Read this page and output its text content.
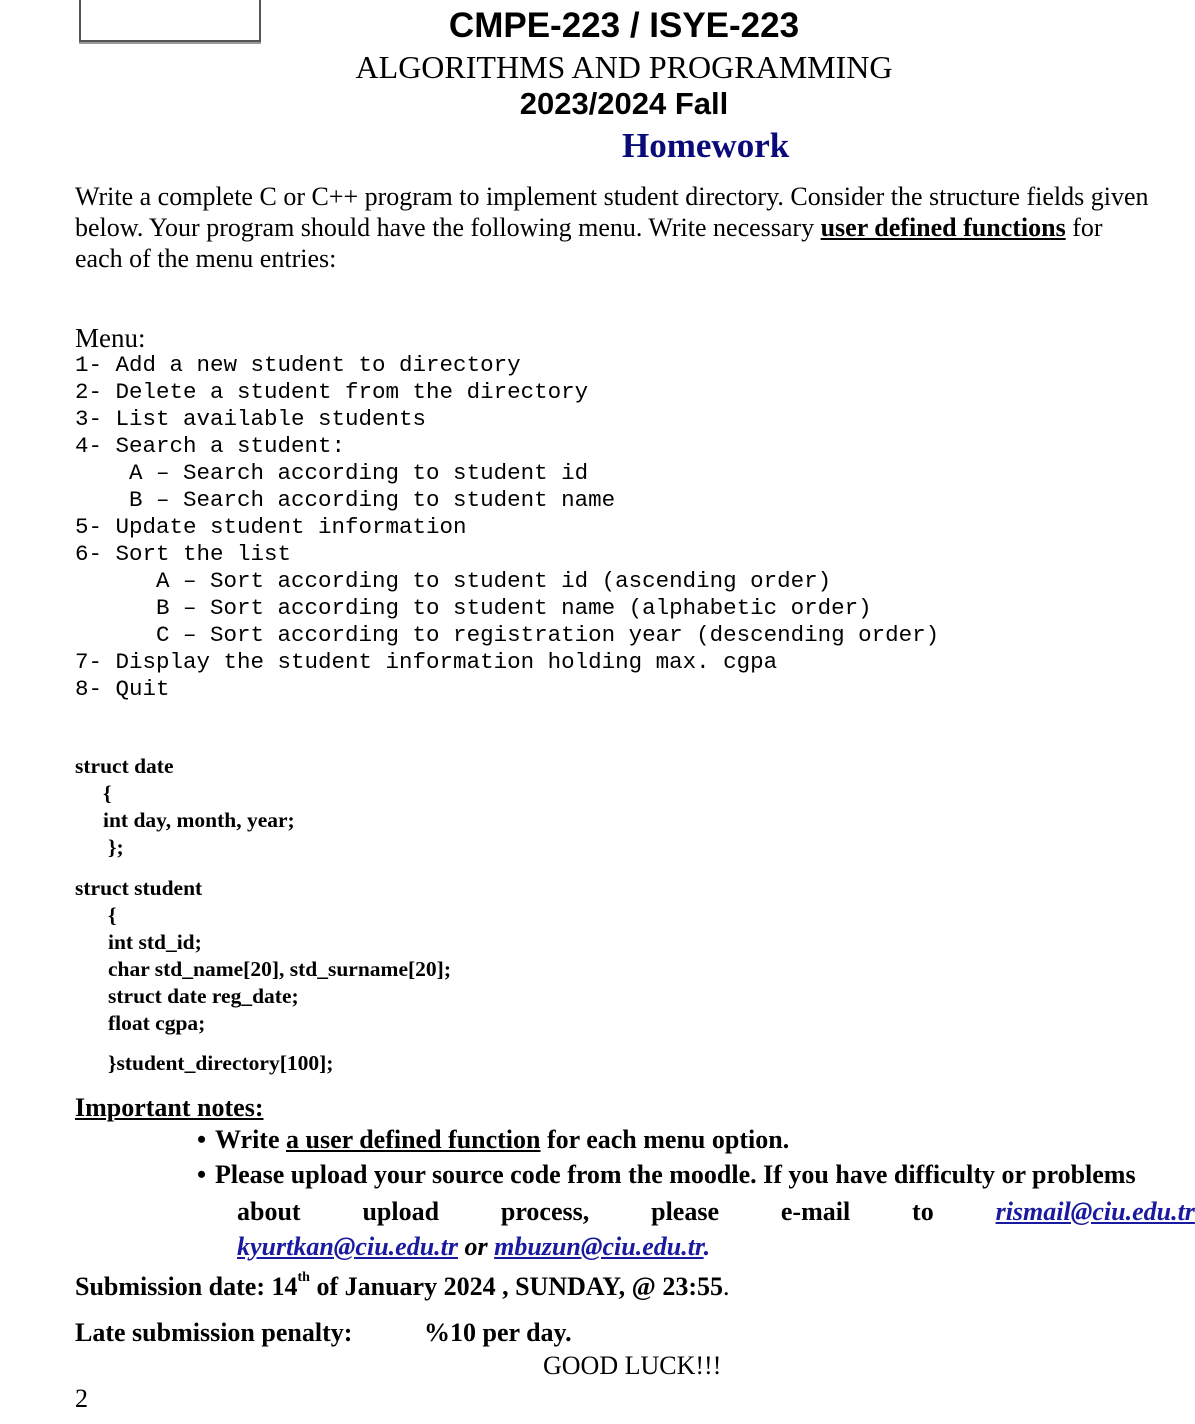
CMPE-223 / ISYE-223
ALGORITHMS AND PROGRAMMING
2023/2024 Fall
Homework
Write a complete C or C++ program to implement student directory. Consider the structure fields given
below. Your program should have the following menu. Write necessary user defined functions for
each of the menu entries:
Menu:
1- Add a new student to directory
2- Delete a student from the directory
3- List available students
4- Search a student:
A – Search according to student id
B – Search according to student name
5- Update student information
6- Sort the list
A – Sort according to student id (ascending order)
B – Sort according to student name (alphabetic order)
C – Sort according to registration year (descending order)
7- Display the student information holding max. cgpa
8- Quit
struct date
{
int day, month, year;
};
struct student
{
int std_id;
char std_name[20], std_surname[20];
struct date reg_date;
float cgpa;
}student_directory[100];
Important notes:
• Write a user defined function for each menu option.
• Please upload your source code from the moodle. If you have difficulty or problems
about upload process, please e-mail to rismail@ciu.edu.tr
kyurtkan@ciu.edu.tr or mbuzun@ciu.edu.tr.
Submission date: 14th of January 2024 , SUNDAY, @ 23:55.
Late submission penalty:	%10 per day.
GOOD LUCK!!!
2
